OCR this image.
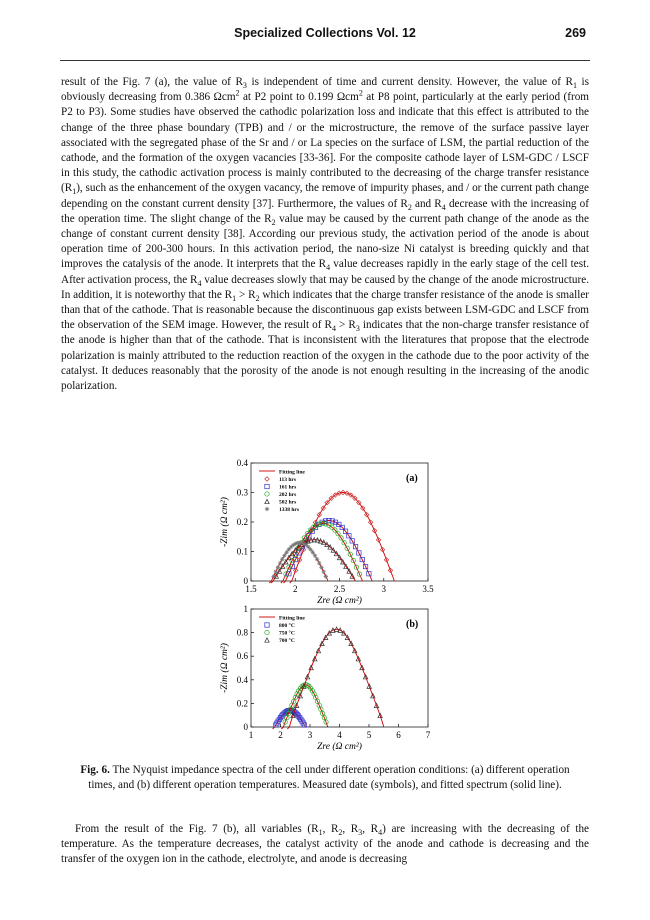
Specialized Collections Vol. 12	269

result of the Fig. 7 (a), the value of $R_3$ is independent of time and current density. However, the value of $R_1$ is obviously decreasing from 0.386 Ωcm$^2$ at P2 point to 0.199 Ωcm$^2$ at P8 point, particularly at the early period (from P2 to P3). Some studies have observed the cathodic polarization loss and indicate that this effect is attributed to the change of the three phase boundary (TPB) and / or the microstructure, the remove of the surface passive layer associated with the segregated phase of the Sr and / or La species on the surface of LSM, the partial reduction of the cathode, and the formation of the oxygen vacancies [33-36]. For the composite cathode layer of LSM-GDC / LSCF in this study, the cathodic activation process is mainly contributed to the decreasing of the charge transfer resistance $(R_1)$, such as the enhancement of the oxygen vacancy, the remove of impurity phases, and / or the current path change depending on the constant current density [37]. Furthermore, the values of $R_2$ and $R_4$ decrease with the increasing of the operation time. The slight change of the $R_2$ value may be caused by the current path change of the anode as the change of constant current density [38]. According our previous study, the activation period of the anode is about operation time of 200-300 hours. In this activation period, the nano-size Ni catalyst is breeding quickly and that improves the catalysis of the anode. It interprets that the $R_4$ value decreases rapidly in the early stage of the cell test. After activation process, the $R_4$ value decreases slowly that may be caused by the change of the anode microstructure. In addition, it is noteworthy that the $R_1 > R_2$ which indicates that the charge transfer resistance of the anode is smaller than that of the cathode. That is reasonable because the discontinuous gap exists between LSM-GDC and LSCF from the observation of the SEM image. However, the result of $R_4 > R_3$ indicates that the non-charge transfer resistance of the anode is higher than that of the cathode. That is inconsistent with the literatures that propose that the electrode polarization is mainly attributed to the reduction reaction of the oxygen in the cathode due to the poor activity of the catalyst. It deduces reasonably that the porosity of the anode is not enough resulting in the increasing of the anodic polarization.

1.5	2	2.5	3	3.5
0
0.1
0.2
0.3
0.4
Zre (Ω cm²)
-Zim (Ω cm²)
(a)
Fitting line
113 hrs
161 hrs
202 hrs
502 hrs
1338 hrs
1	2	3	4	5	6	7
0
0.2
0.4
0.6
0.8
1
Zre (Ω cm²)
-Zim (Ω cm²)
(b)
Fitting line
800 °C
750 °C
700 °C
Fig. 6. The Nyquist impedance spectra of the cell under different operation conditions: (a) different operation times, and (b) different operation temperatures. Measured date (symbols), and fitted spectrum (solid line).

From the result of the Fig. 7 (b), all variables ($R_1$, $R_2$, $R_3$, $R_4$) are increasing with the decreasing of the temperature. As the temperature decreases, the catalyst activity of the anode and cathode is decreasing and the transfer of the oxygen ion in the cathode, electrolyte, and anode is decreasing
